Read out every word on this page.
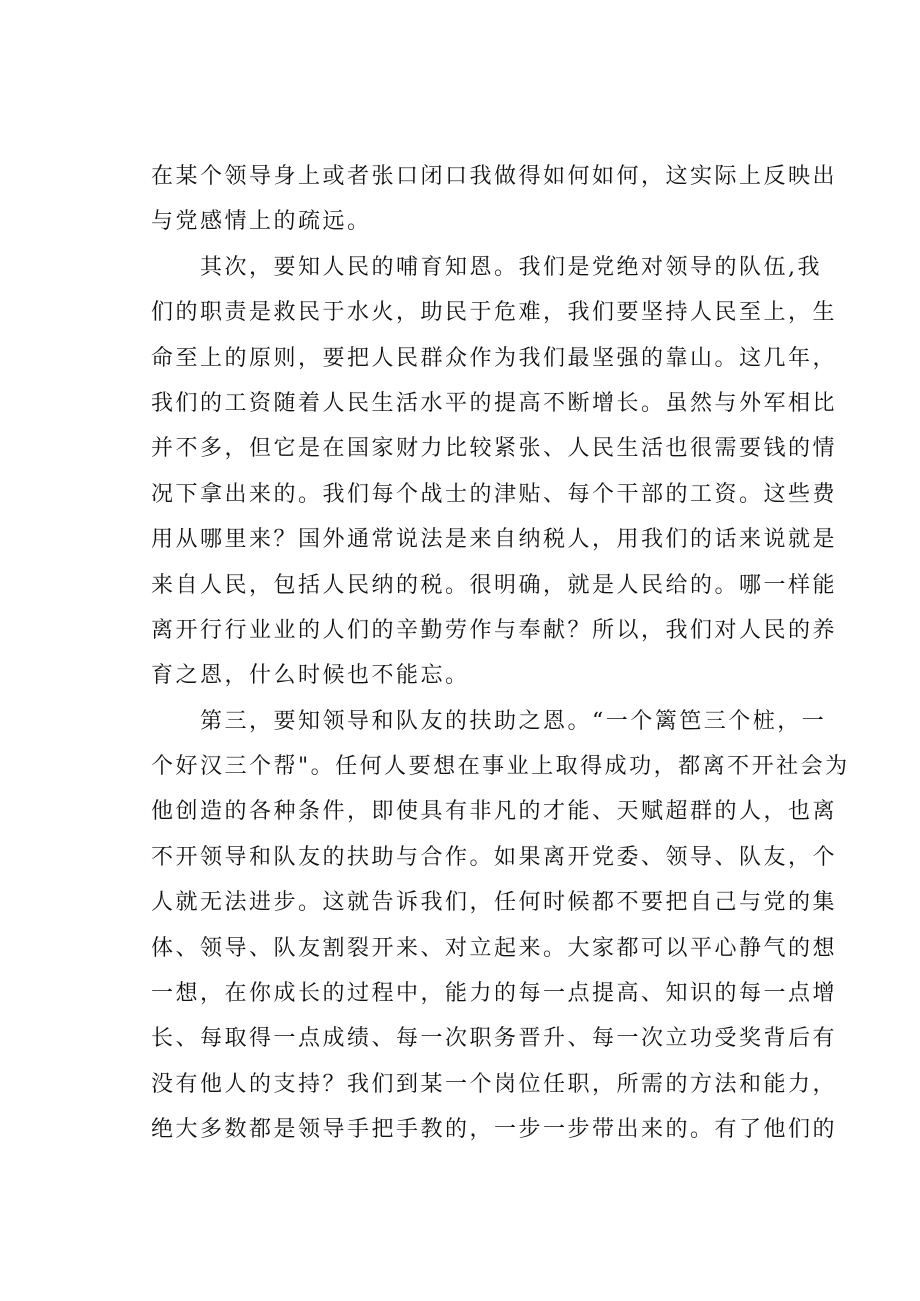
在某个领导身上或者张口闭口我做得如何如何，这实际上反映出
与党感情上的疏远。
其次，要知人民的哺育知恩。我们是党绝对领导的队伍,我
们的职责是救民于水火，助民于危难，我们要坚持人民至上，生
命至上的原则，要把人民群众作为我们最坚强的靠山。这几年，
我们的工资随着人民生活水平的提高不断增长。虽然与外军相比
并不多，但它是在国家财力比较紧张、人民生活也很需要钱的情
况下拿出来的。我们每个战士的津贴、每个干部的工资。这些费
用从哪里来？国外通常说法是来自纳税人，用我们的话来说就是
来自人民，包括人民纳的税。很明确，就是人民给的。哪一样能
离开行行业业的人们的辛勤劳作与奉献？所以，我们对人民的养
育之恩，什么时候也不能忘。
第三，要知领导和队友的扶助之恩。“一个篱笆三个桩，一
个好汉三个帮"。任何人要想在事业上取得成功，都离不开社会为
他创造的各种条件，即使具有非凡的才能、天赋超群的人，也离
不开领导和队友的扶助与合作。如果离开党委、领导、队友，个
人就无法进步。这就告诉我们，任何时候都不要把自己与党的集
体、领导、队友割裂开来、对立起来。大家都可以平心静气的想
一想，在你成长的过程中，能力的每一点提高、知识的每一点增
长、每取得一点成绩、每一次职务晋升、每一次立功受奖背后有
没有他人的支持？我们到某一个岗位任职，所需的方法和能力，
绝大多数都是领导手把手教的，一步一步带出来的。有了他们的
